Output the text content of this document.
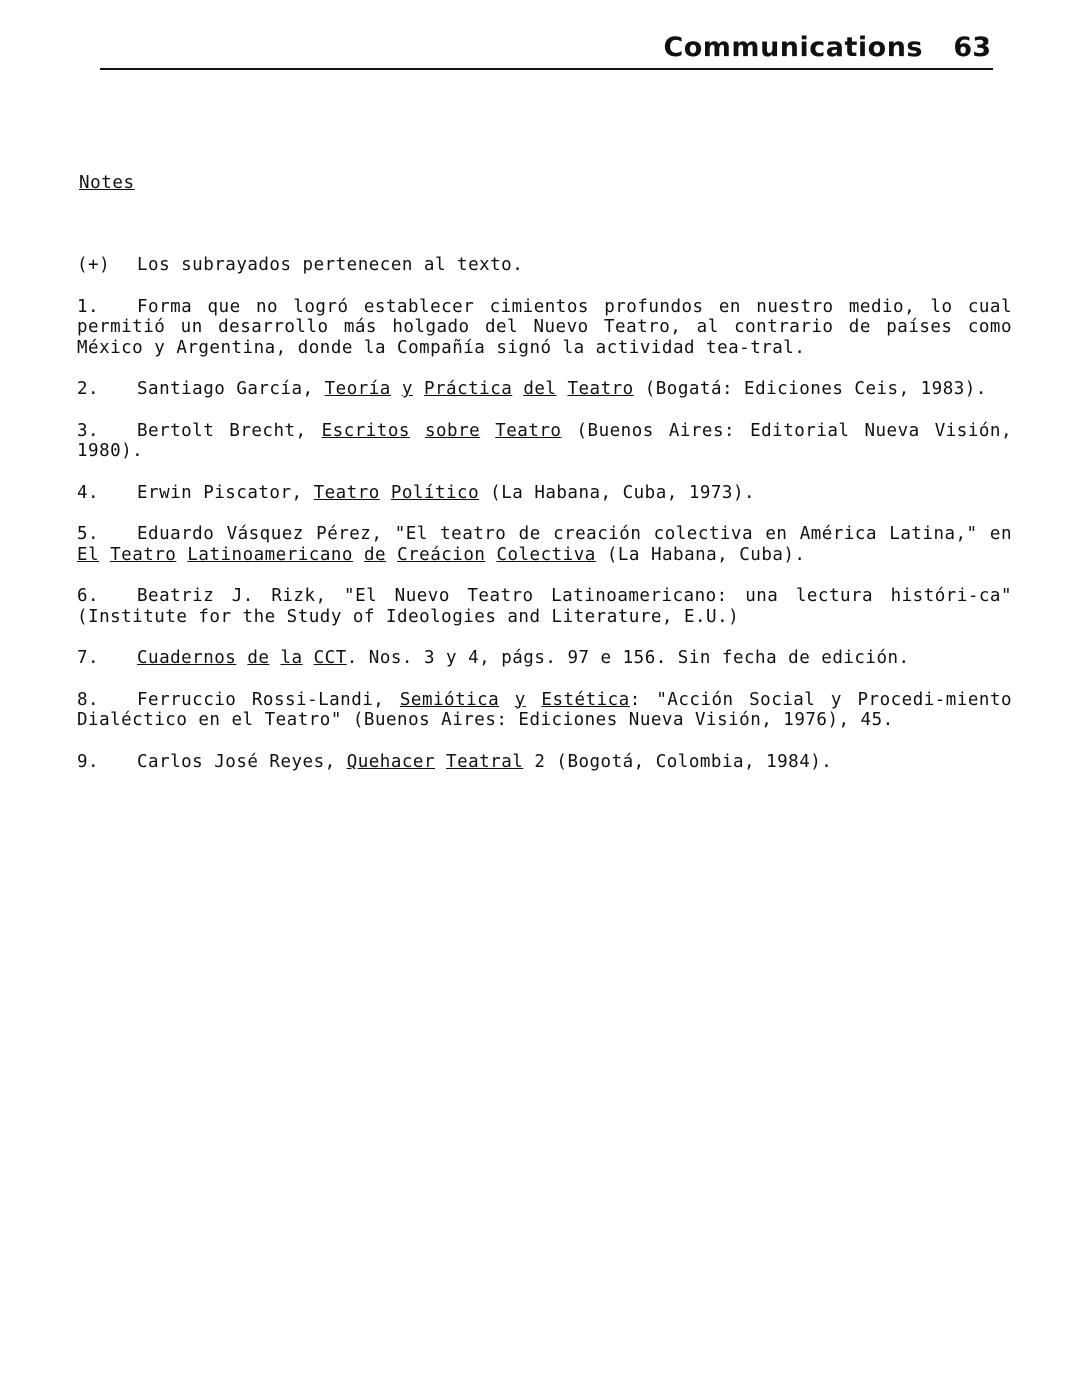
Communications 63
Notes

(+) Los subrayados pertenecen al texto.

1. Forma que no logró establecer cimientos profundos en nuestro medio, lo cual permitió un desarrollo más holgado del Nuevo Teatro, al contrario de países como México y Argentina, donde la Compañía signó la actividad tea-tral.

2. Santiago García, Teoría y Práctica del Teatro (Bogatá: Ediciones Ceis, 1983).

3. Bertolt Brecht, Escritos sobre Teatro (Buenos Aires: Editorial Nueva Visión, 1980).

4. Erwin Piscator, Teatro Político (La Habana, Cuba, 1973).

5. Eduardo Vásquez Pérez, "El teatro de creación colectiva en América Latina," en El Teatro Latinoamericano de Creácion Colectiva (La Habana, Cuba).

6. Beatriz J. Rizk, "El Nuevo Teatro Latinoamericano: una lectura históri-ca" (Institute for the Study of Ideologies and Literature, E.U.)

7. Cuadernos de la CCT. Nos. 3 y 4, págs. 97 e 156. Sin fecha de edición.

8. Ferruccio Rossi-Landi, Semiótica y Estética: "Acción Social y Procedi-miento Dialéctico en el Teatro" (Buenos Aires: Ediciones Nueva Visión, 1976), 45.

9. Carlos José Reyes, Quehacer Teatral 2 (Bogotá, Colombia, 1984).
